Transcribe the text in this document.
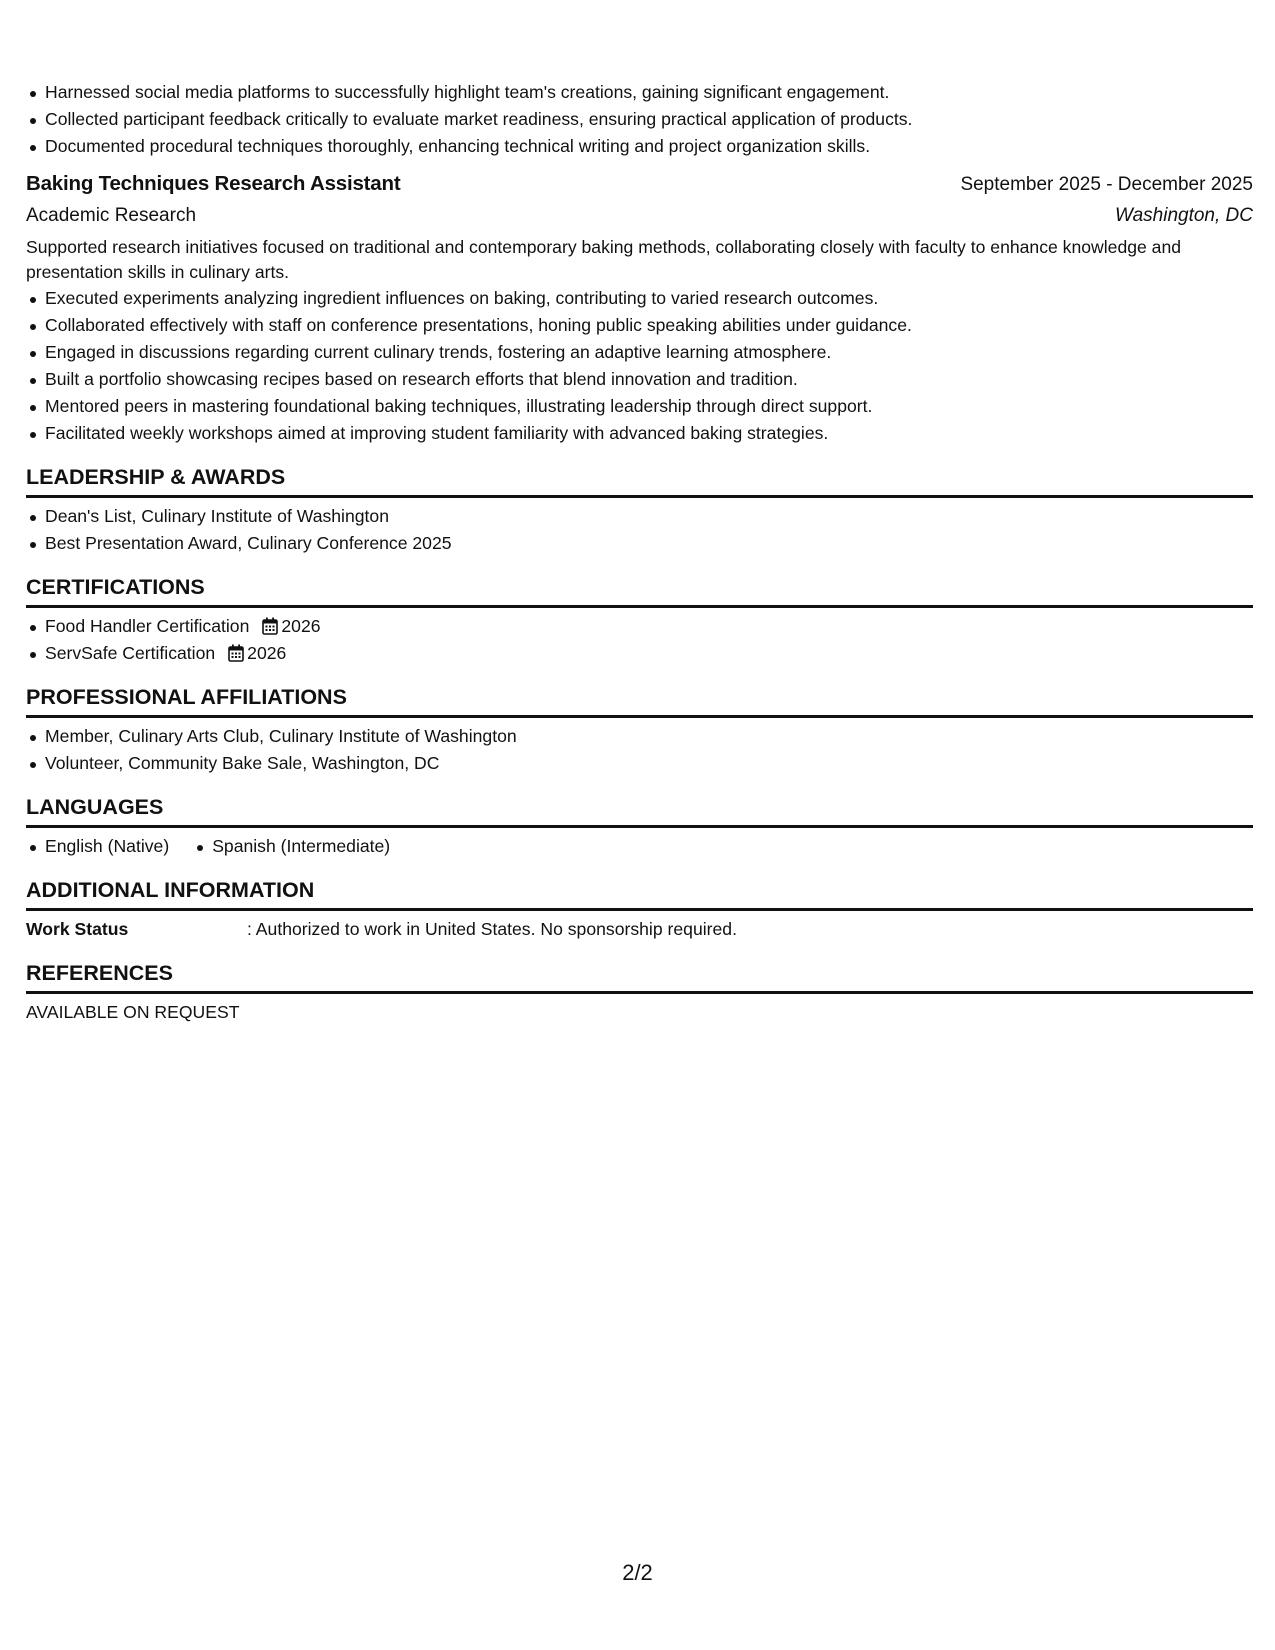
Harnessed social media platforms to successfully highlight team's creations, gaining significant engagement.
Collected participant feedback critically to evaluate market readiness, ensuring practical application of products.
Documented procedural techniques thoroughly, enhancing technical writing and project organization skills.
Baking Techniques Research Assistant	September 2025 - December 2025
Academic Research	Washington, DC
Supported research initiatives focused on traditional and contemporary baking methods, collaborating closely with faculty to enhance knowledge and presentation skills in culinary arts.
Executed experiments analyzing ingredient influences on baking, contributing to varied research outcomes.
Collaborated effectively with staff on conference presentations, honing public speaking abilities under guidance.
Engaged in discussions regarding current culinary trends, fostering an adaptive learning atmosphere.
Built a portfolio showcasing recipes based on research efforts that blend innovation and tradition.
Mentored peers in mastering foundational baking techniques, illustrating leadership through direct support.
Facilitated weekly workshops aimed at improving student familiarity with advanced baking strategies.
LEADERSHIP & AWARDS
Dean's List, Culinary Institute of Washington
Best Presentation Award, Culinary Conference 2025
CERTIFICATIONS
Food Handler Certification 2026
ServSafe Certification 2026
PROFESSIONAL AFFILIATIONS
Member, Culinary Arts Club, Culinary Institute of Washington
Volunteer, Community Bake Sale, Washington, DC
LANGUAGES
English (Native) Spanish (Intermediate)
ADDITIONAL INFORMATION
Work Status	: Authorized to work in United States. No sponsorship required.
REFERENCES
AVAILABLE ON REQUEST
2/2
